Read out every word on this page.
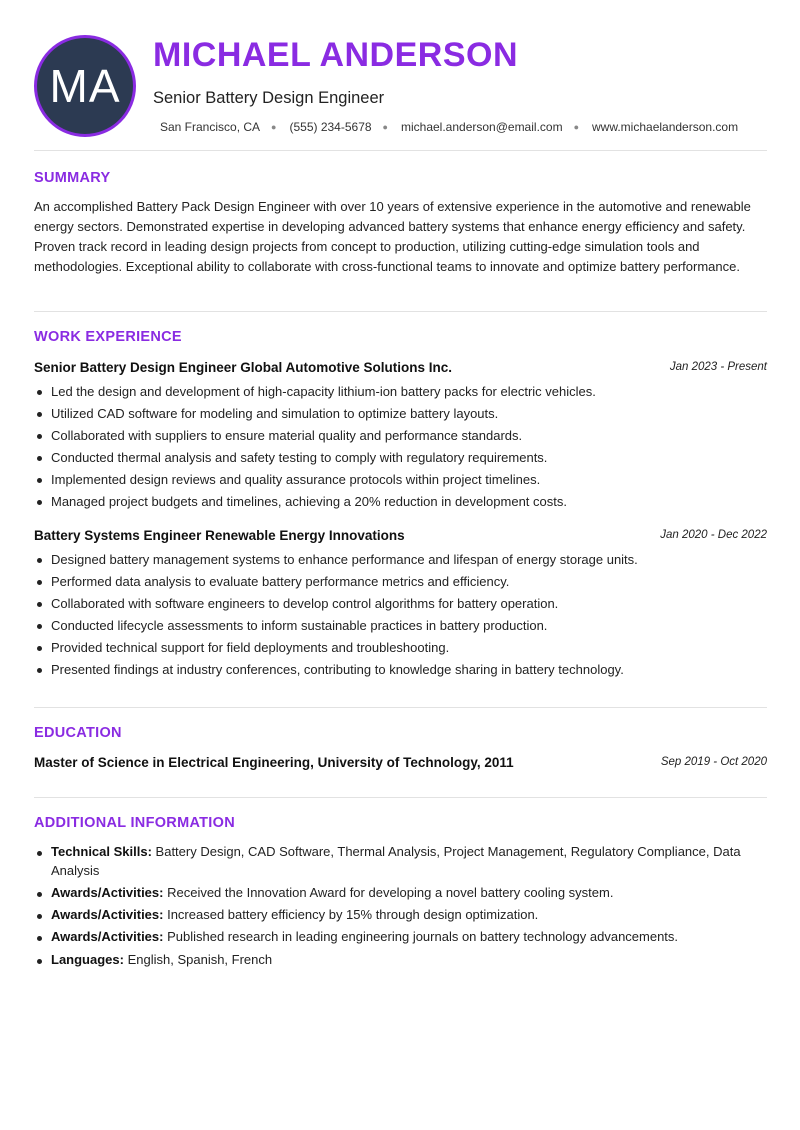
MA
MICHAEL ANDERSON
Senior Battery Design Engineer
San Francisco, CA ● (555) 234-5678 ● michael.anderson@email.com ● www.michaelanderson.com
SUMMARY

An accomplished Battery Pack Design Engineer with over 10 years of extensive experience in the automotive and renewable energy sectors. Demonstrated expertise in developing advanced battery systems that enhance energy efficiency and safety. Proven track record in leading design projects from concept to production, utilizing cutting-edge simulation tools and methodologies. Exceptional ability to collaborate with cross-functional teams to innovate and optimize battery performance.

WORK EXPERIENCE
Senior Battery Design Engineer Global Automotive Solutions Inc.	Jan 2023 - Present
Led the design and development of high-capacity lithium-ion battery packs for electric vehicles.
Utilized CAD software for modeling and simulation to optimize battery layouts.
Collaborated with suppliers to ensure material quality and performance standards.
Conducted thermal analysis and safety testing to comply with regulatory requirements.
Implemented design reviews and quality assurance protocols within project timelines.
Managed project budgets and timelines, achieving a 20% reduction in development costs.
Battery Systems Engineer Renewable Energy Innovations	Jan 2020 - Dec 2022
Designed battery management systems to enhance performance and lifespan of energy storage units.
Performed data analysis to evaluate battery performance metrics and efficiency.
Collaborated with software engineers to develop control algorithms for battery operation.
Conducted lifecycle assessments to inform sustainable practices in battery production.
Provided technical support for field deployments and troubleshooting.
Presented findings at industry conferences, contributing to knowledge sharing in battery technology.
EDUCATION
Master of Science in Electrical Engineering, University of Technology, 2011	Sep 2019 - Oct 2020
ADDITIONAL INFORMATION
Technical Skills: Battery Design, CAD Software, Thermal Analysis, Project Management, Regulatory Compliance, Data Analysis
Awards/Activities: Received the Innovation Award for developing a novel battery cooling system.
Awards/Activities: Increased battery efficiency by 15% through design optimization.
Awards/Activities: Published research in leading engineering journals on battery technology advancements.
Languages: English, Spanish, French
